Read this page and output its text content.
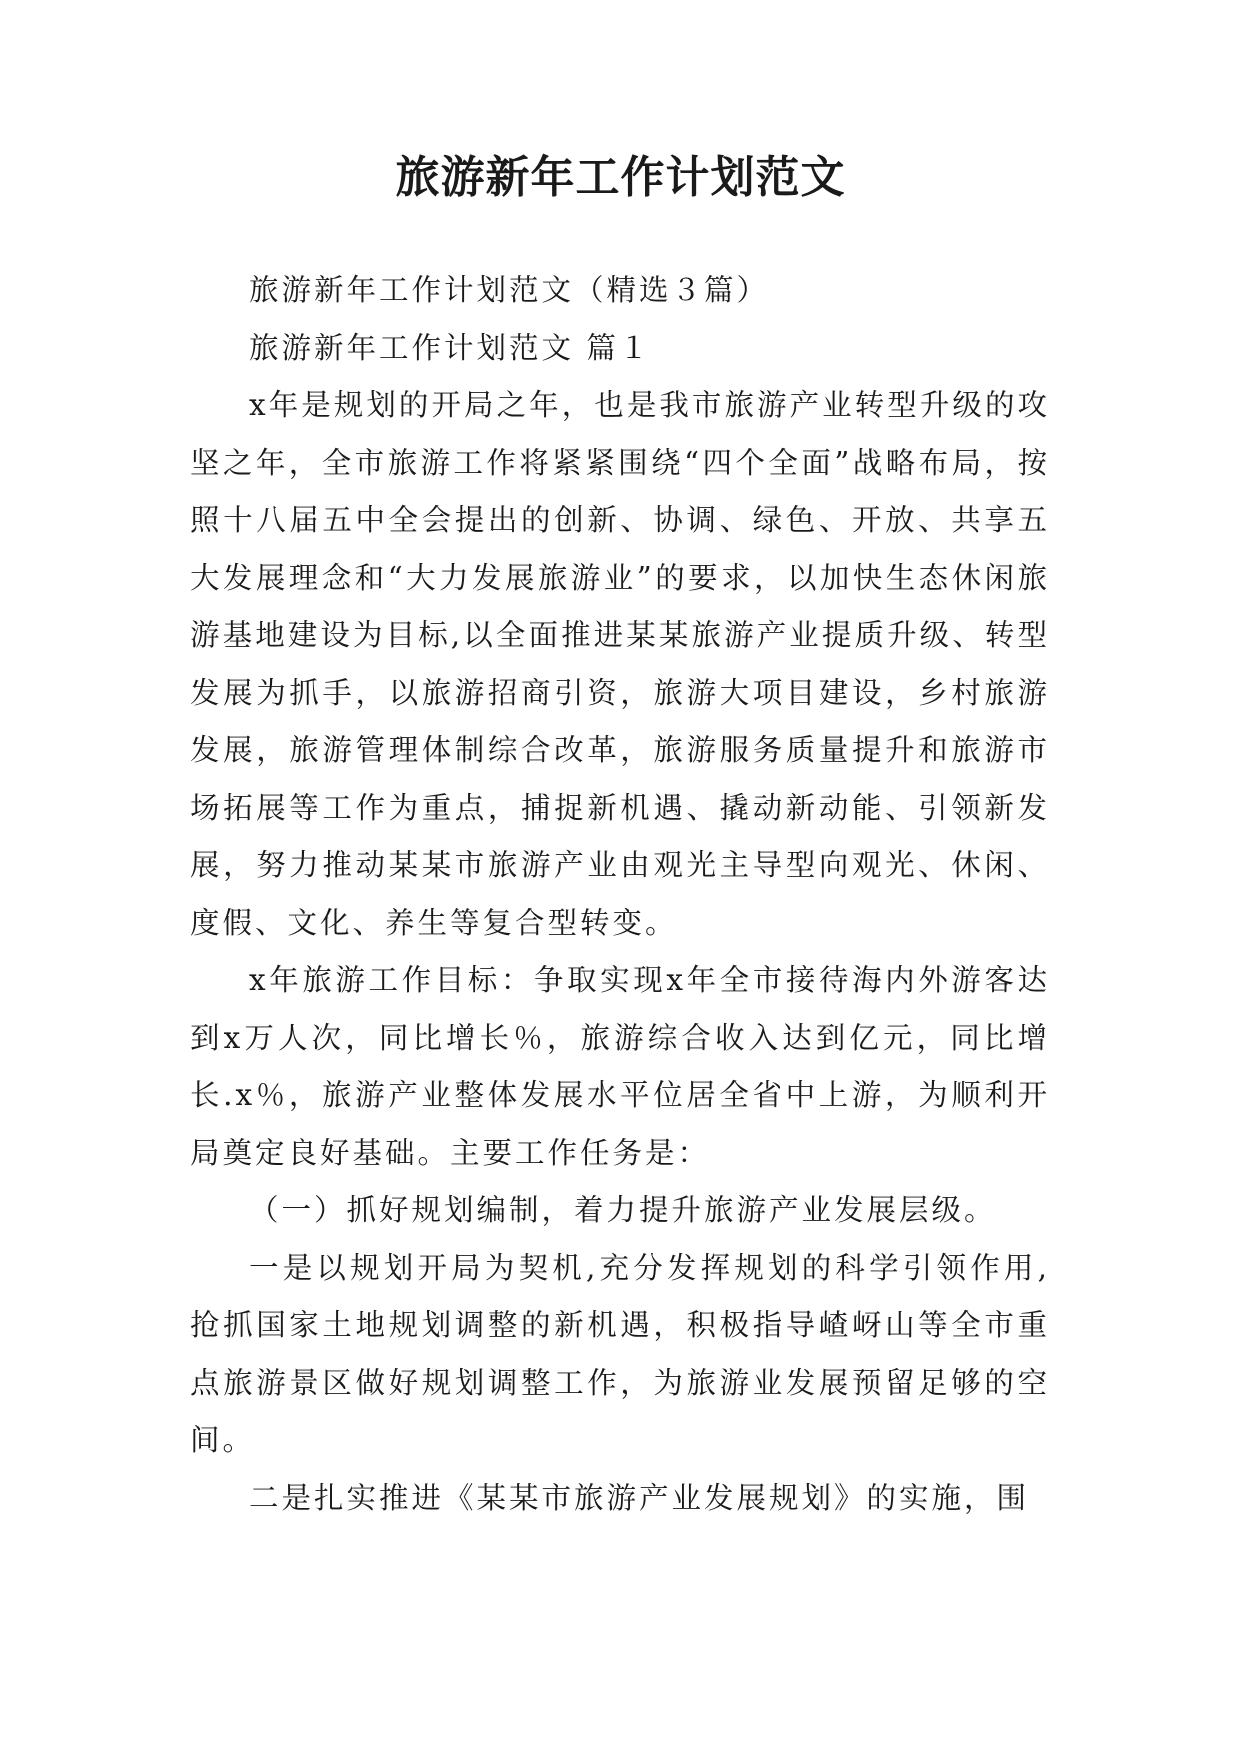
旅游新年工作计划范文

旅游新年工作计划范文（精选３篇）

旅游新年工作计划范文 篇１

x年是规划的开局之年，也是我市旅游产业转型升级的攻坚之年，全市旅游工作将紧紧围绕“四个全面”战略布局，按照十八届五中全会提出的创新、协调、绿色、开放、共享五大发展理念和“大力发展旅游业”的要求，以加快生态休闲旅游基地建设为目标,以全面推进某某旅游产业提质升级、转型发展为抓手，以旅游招商引资，旅游大项目建设，乡村旅游发展，旅游管理体制综合改革，旅游服务质量提升和旅游市场拓展等工作为重点，捕捉新机遇、撬动新动能、引领新发展，努力推动某某市旅游产业由观光主导型向观光、休闲、度假、文化、养生等复合型转变。

x年旅游工作目标：争取实现x年全市接待海内外游客达到x万人次，同比增长％，旅游综合收入达到亿元，同比增长.x％，旅游产业整体发展水平位居全省中上游，为顺利开局奠定良好基础。主要工作任务是：

（一）抓好规划编制，着力提升旅游产业发展层级。

一是以规划开局为契机,充分发挥规划的科学引领作用,抢抓国家土地规划调整的新机遇，积极指导嵖岈山等全市重点旅游景区做好规划调整工作，为旅游业发展预留足够的空间。

二是扎实推进《某某市旅游产业发展规划》的实施，围
